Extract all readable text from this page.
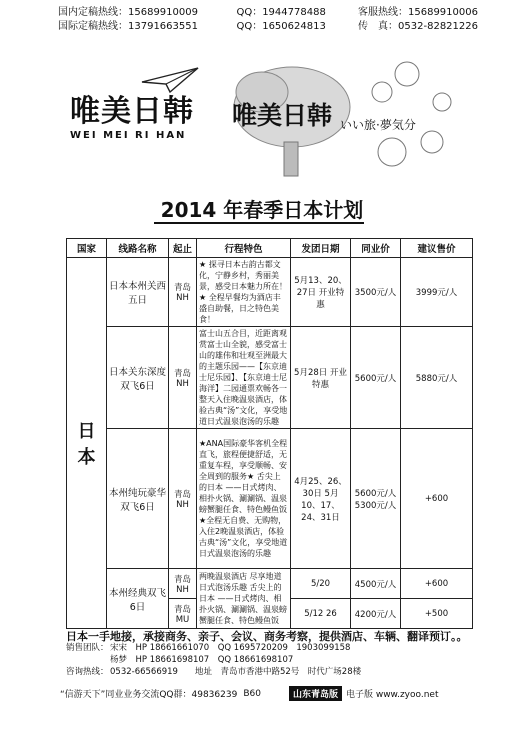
国内定稿热线：15689910009	QQ：1944778488	客服热线：15689910006
国际定稿热线：13791663551	QQ：1650624813	传　真：0532-82821226
唯美日韩
WEI MEI RI HAN
唯美日韩 いい旅·夢気分
2014 年春季日本计划
国家	线路名称	起止	行程特色	发团日期	同业价	建议售价
日本	日本本州关西五日	青岛 NH	★ 探寻日本古韵古都文化，宁静乡村，秀丽美景，感受日本魅力所在！★ 全程早餐均为酒店丰盛自助餐，日之特色美食！	5月13、20、27日 开业特惠	3500元/人	3999元/人
	日本关东深度双飞6日	青岛 NH	富士山五合目，近距离观赏富士山全貌，感受富士山的雄伟和壮观至洲最大的主题乐园——【东京迪士尼乐园】、【东京迪士尼海洋】二园通票欢畅各一整天入住晚温泉酒店，体验古典“汤”文化，享受地道日式温泉泡汤的乐趣	5月28日 开业特惠	5600元/人	5880元/人
	本州纯玩豪华双飞6日	青岛 NH	★ANA国际豪华客机全程直飞，旅程便捷舒适，无重复车程，享受顺畅、安全周到的服务★ 舌尖上的日本 ——日式烤肉、相扑火锅、涮涮锅、温泉螃蟹腿任食、特色鳗鱼饭★全程无自费、无购物，入住2晚温泉酒店，体验古典“汤”文化，享受地道日式温泉泡汤的乐趣	4月25、26、30日 5月10、17、24、31日	5600元/人 5300元/人	+600
	本州经典双飞6日	青岛 NH	两晚温泉酒店 尽享地道日式泡汤乐趣 舌尖上的日本 ——日式烤肉、相扑火锅、涮涮锅、温泉螃蟹腿任食、特色鳗鱼饭	5/20	4500元/人	+600
		青岛 MU		5/12 26	4200元/人	+500
日本一手地接，承接商务、亲子、会议、商务考察，提供酒店、车辆、翻译预订。。
销售团队： 宋宋　HP 18661661070　QQ 1695720209　1903099158
杨梦　HP 18661698107　QQ 18661698107
咨询热线： 0532-66566919　　地址　青岛市香港中路52号　时代广场28楼
“信游天下”同业业务交流QQ群：49836239 B60	山东青岛版 电子版 www.zyoo.net
